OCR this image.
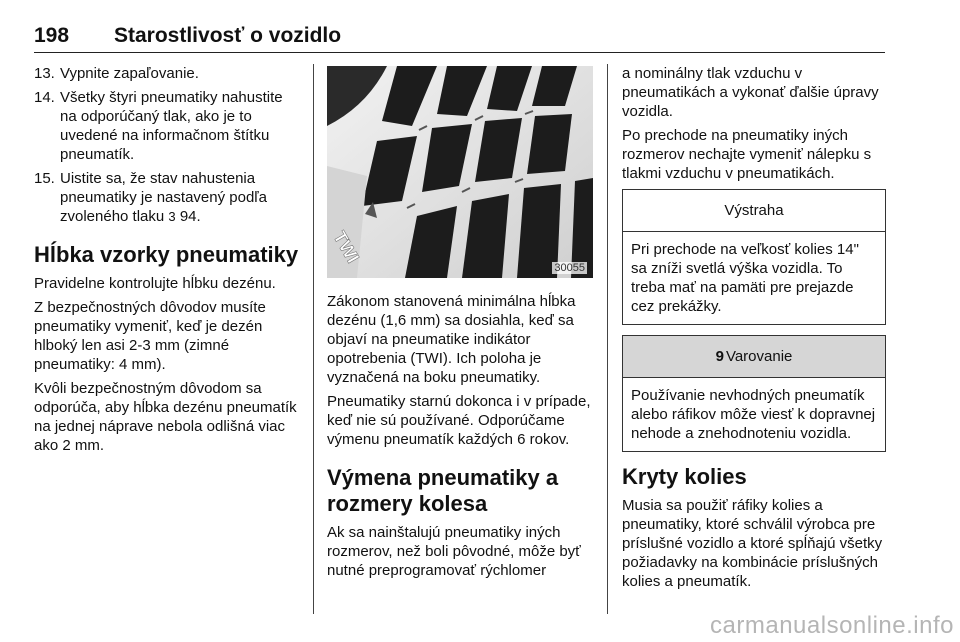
198 Starostlivosť o vozidlo
13. Vypnite zapaľovanie.
14. Všetky štyri pneumatiky nahustite na odporúčaný tlak, ako je to uvedené na informačnom štítku pneumatík.
15. Uistite sa, že stav nahustenia pneumatiky je nastavený podľa zvoleného tlaku 3 94.
Hĺbka vzorky pneumatiky

Pravidelne kontrolujte hĺbku dezénu.

Z bezpečnostných dôvodov musíte pneumatiky vymeniť, keď je dezén hlboký len asi 2-3 mm (zimné pneumatiky: 4 mm).

Kvôli bezpečnostným dôvodom sa odporúča, aby hĺbka dezénu pneumatík na jednej náprave nebola odlišná viac ako 2 mm.

TWI
30055

Zákonom stanovená minimálna hĺbka dezénu (1,6 mm) sa dosiahla, keď sa objaví na pneumatike indikátor opotrebenia (TWI). Ich poloha je vyznačená na boku pneumatiky.

Pneumatiky starnú dokonca i v prípade, keď nie sú používané. Odporúčame výmenu pneumatík každých 6 rokov.

Výmena pneumatiky a rozmery kolesa

Ak sa nainštalujú pneumatiky iných rozmerov, než boli pôvodné, môže byť nutné preprogramovať rýchlomer

a nominálny tlak vzduchu v pneumatikách a vykonať ďalšie úpravy vozidla.

Po prechode na pneumatiky iných rozmerov nechajte vymeniť nálepku s tlakmi vzduchu v pneumatikách.

Výstraha
Pri prechode na veľkosť kolies 14" sa zníži svetlá výška vozidla. To treba mať na pamäti pre prejazde cez prekážky.
9 Varovanie
Používanie nevhodných pneumatík alebo ráfikov môže viesť k dopravnej nehode a znehodnoteniu vozidla.
Kryty kolies

Musia sa použiť ráfiky kolies a pneumatiky, ktoré schválil výrobca pre príslušné vozidlo a ktoré spĺňajú všetky požiadavky na kombinácie príslušných kolies a pneumatík.

carmanualsonline.info
